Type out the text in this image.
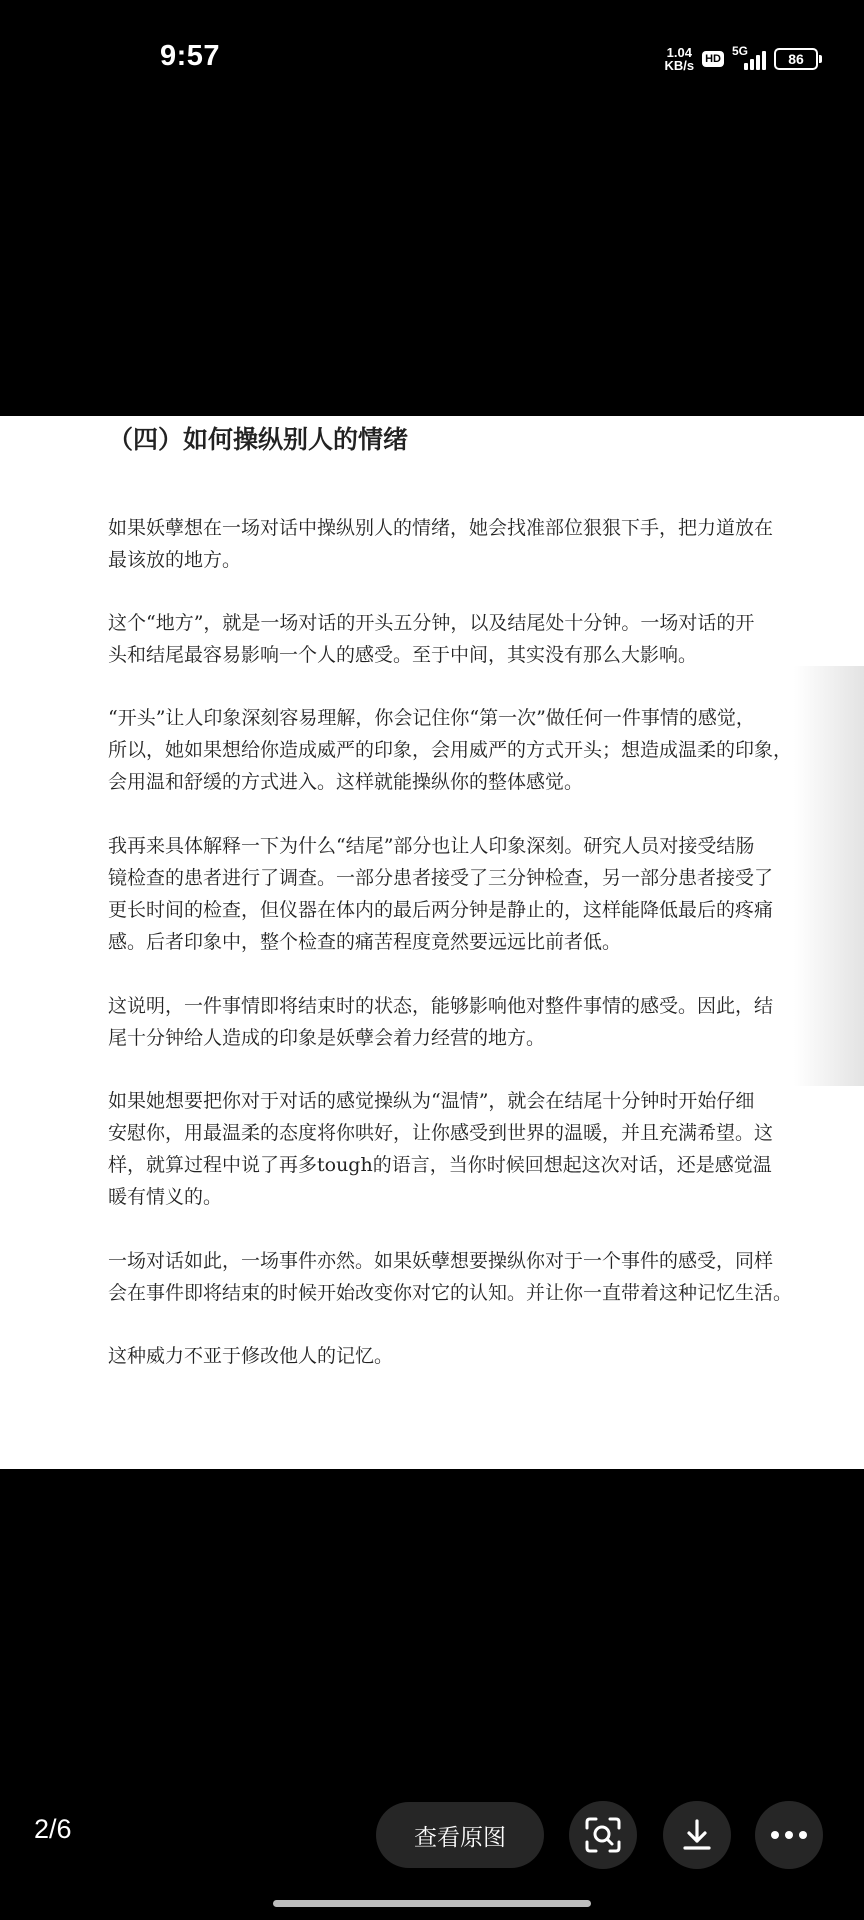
9:57	1.04
KB/s HD
5G	86
（四）如何操纵别人的情绪

如果妖孽想在一场对话中操纵别人的情绪，她会找准部位狠狠下手，把力道放在
最该放的地方。

这个“地方”，就是一场对话的开头五分钟，以及结尾处十分钟。一场对话的开
头和结尾最容易影响一个人的感受。至于中间，其实没有那么大影响。

“开头”让人印象深刻容易理解，你会记住你“第一次”做任何一件事情的感觉，
所以，她如果想给你造成威严的印象，会用威严的方式开头；想造成温柔的印象，
会用温和舒缓的方式进入。这样就能操纵你的整体感觉。

我再来具体解释一下为什么“结尾”部分也让人印象深刻。研究人员对接受结肠
镜检查的患者进行了调查。一部分患者接受了三分钟检查，另一部分患者接受了
更长时间的检查，但仪器在体内的最后两分钟是静止的，这样能降低最后的疼痛
感。后者印象中，整个检查的痛苦程度竟然要远远比前者低。

这说明，一件事情即将结束时的状态，能够影响他对整件事情的感受。因此，结
尾十分钟给人造成的印象是妖孽会着力经营的地方。

如果她想要把你对于对话的感觉操纵为“温情”，就会在结尾十分钟时开始仔细
安慰你，用最温柔的态度将你哄好，让你感受到世界的温暖，并且充满希望。这
样，就算过程中说了再多tough的语言，当你时候回想起这次对话，还是感觉温
暖有情义的。

一场对话如此，一场事件亦然。如果妖孽想要操纵你对于一个事件的感受，同样
会在事件即将结束的时候开始改变你对它的认知。并让你一直带着这种记忆生活。

这种威力不亚于修改他人的记忆。

2/6	查看原图
